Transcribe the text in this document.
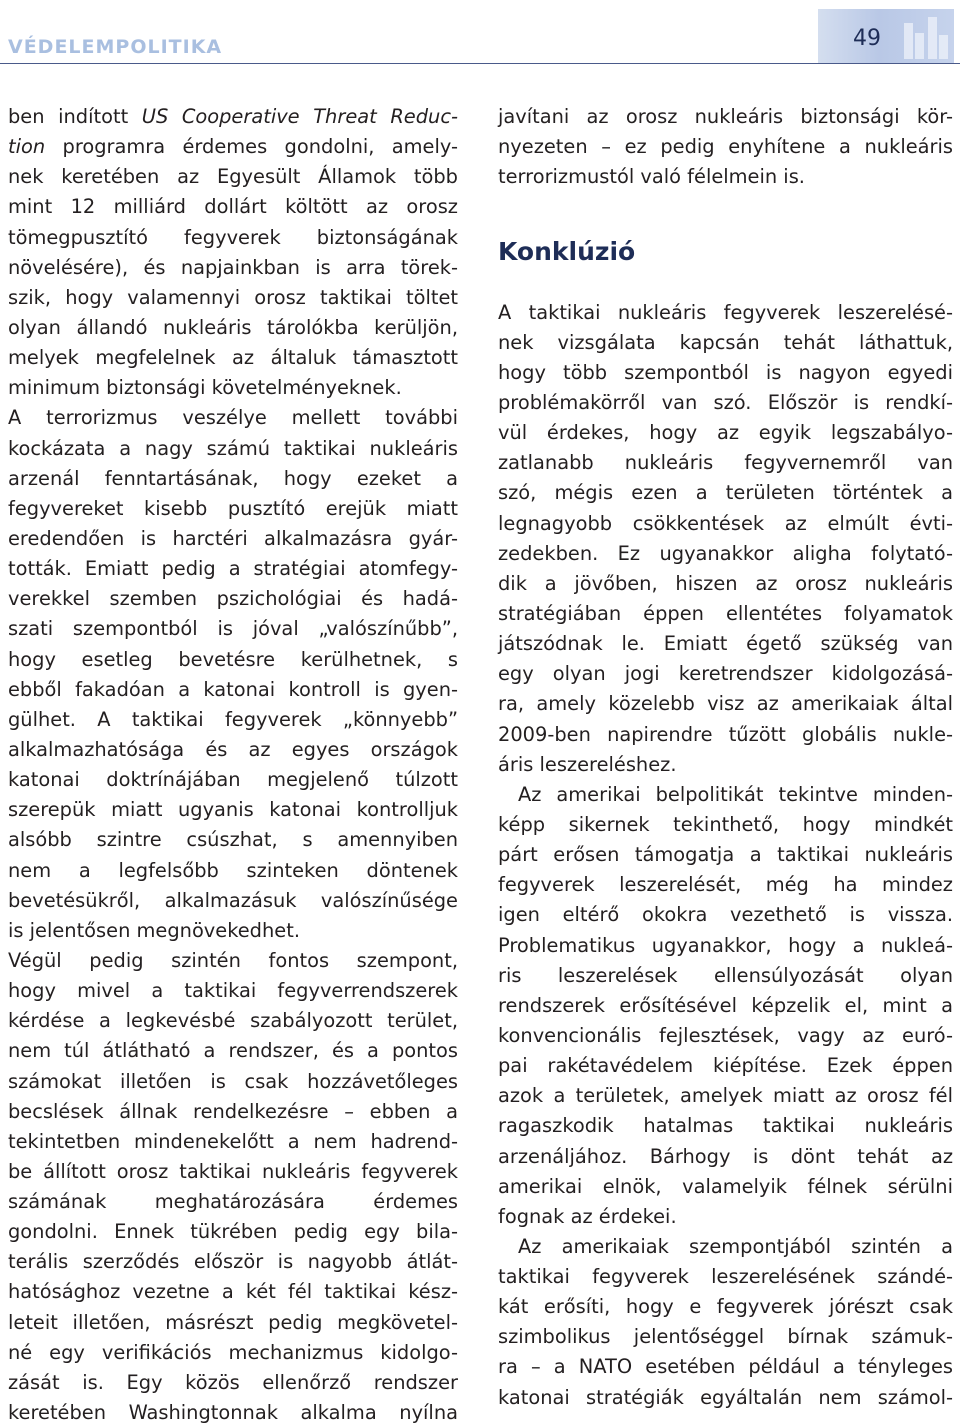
VÉDELEMPOLITIKA	49
ben indított US Cooperative Threat Reduc-
tion programra érdemes gondolni, amely-
nek keretében az Egyesült Államok több
mint 12 milliárd dollárt költött az orosz
tömegpusztító fegyverek biztonságának
növelésére), és napjainkban is arra törek-
szik, hogy valamennyi orosz taktikai töltet
olyan állandó nukleáris tárolókba kerüljön,
melyek megfelelnek az általuk támasztott
minimum biztonsági követelményeknek.
A terrorizmus veszélye mellett további
kockázata a nagy számú taktikai nukleáris
arzenál fenntartásának, hogy ezeket a
fegyvereket kisebb pusztító erejük miatt
eredendően is harctéri alkalmazásra gyár-
tották. Emiatt pedig a stratégiai atomfegy-
verekkel szemben pszichológiai és hadá-
szati szempontból is jóval „valószínűbb”,
hogy esetleg bevetésre kerülhetnek, s
ebből fakadóan a katonai kontroll is gyen-
gülhet. A taktikai fegyverek „könnyebb”
alkalmazhatósága és az egyes országok
katonai doktrínájában megjelenő túlzott
szerepük miatt ugyanis katonai kontrolljuk
alsóbb szintre csúszhat, s amennyiben
nem a legfelsőbb szinteken döntenek
bevetésükről, alkalmazásuk valószínűsége
is jelentősen megnövekedhet.
Végül pedig szintén fontos szempont,
hogy mivel a taktikai fegyverrendszerek
kérdése a legkevésbé szabályozott terület,
nem túl átlátható a rendszer, és a pontos
számokat illetően is csak hozzávetőleges
becslések állnak rendelkezésre – ebben a
tekintetben mindenekelőtt a nem hadrend-
be állított orosz taktikai nukleáris fegyverek
számának meghatározására érdemes
gondolni. Ennek tükrében pedig egy bila-
terális szerződés először is nagyobb átlát-
hatósághoz vezetne a két fél taktikai kész-
leteit illetően, másrészt pedig megkövetel-
né egy verifikációs mechanizmus kidolgo-
zását is. Egy közös ellenőrző rendszer
keretében Washingtonnak alkalma nyílna
javítani az orosz nukleáris biztonsági kör-
nyezeten – ez pedig enyhítene a nukleáris
terrorizmustól való félelmein is.
Konklúzió
A taktikai nukleáris fegyverek leszerelésé-
nek vizsgálata kapcsán tehát láthattuk,
hogy több szempontból is nagyon egyedi
problémakörről van szó. Először is rendkí-
vül érdekes, hogy az egyik legszabályo-
zatlanabb nukleáris fegyvernemről van
szó, mégis ezen a területen történtek a
legnagyobb csökkentések az elmúlt évti-
zedekben. Ez ugyanakkor aligha folytató-
dik a jövőben, hiszen az orosz nukleáris
stratégiában éppen ellentétes folyamatok
játszódnak le. Emiatt égető szükség van
egy olyan jogi keretrendszer kidolgozásá-
ra, amely közelebb visz az amerikaiak által
2009-ben napirendre tűzött globális nukle-
áris leszereléshez.
Az amerikai belpolitikát tekintve minden-
képp sikernek tekinthető, hogy mindkét
párt erősen támogatja a taktikai nukleáris
fegyverek leszerelését, még ha mindez
igen eltérő okokra vezethető is vissza.
Problematikus ugyanakkor, hogy a nukleá-
ris leszerelések ellensúlyozását olyan
rendszerek erősítésével képzelik el, mint a
konvencionális fejlesztések, vagy az euró-
pai rakétavédelem kiépítése. Ezek éppen
azok a területek, amelyek miatt az orosz fél
ragaszkodik hatalmas taktikai nukleáris
arzenáljához. Bárhogy is dönt tehát az
amerikai elnök, valamelyik félnek sérülni
fognak az érdekei.
Az amerikaiak szempontjából szintén a
taktikai fegyverek leszerelésének szándé-
kát erősíti, hogy e fegyverek jórészt csak
szimbolikus jelentőséggel bírnak számuk-
ra – a NATO esetében például a tényleges
katonai stratégiák egyáltalán nem számol-
